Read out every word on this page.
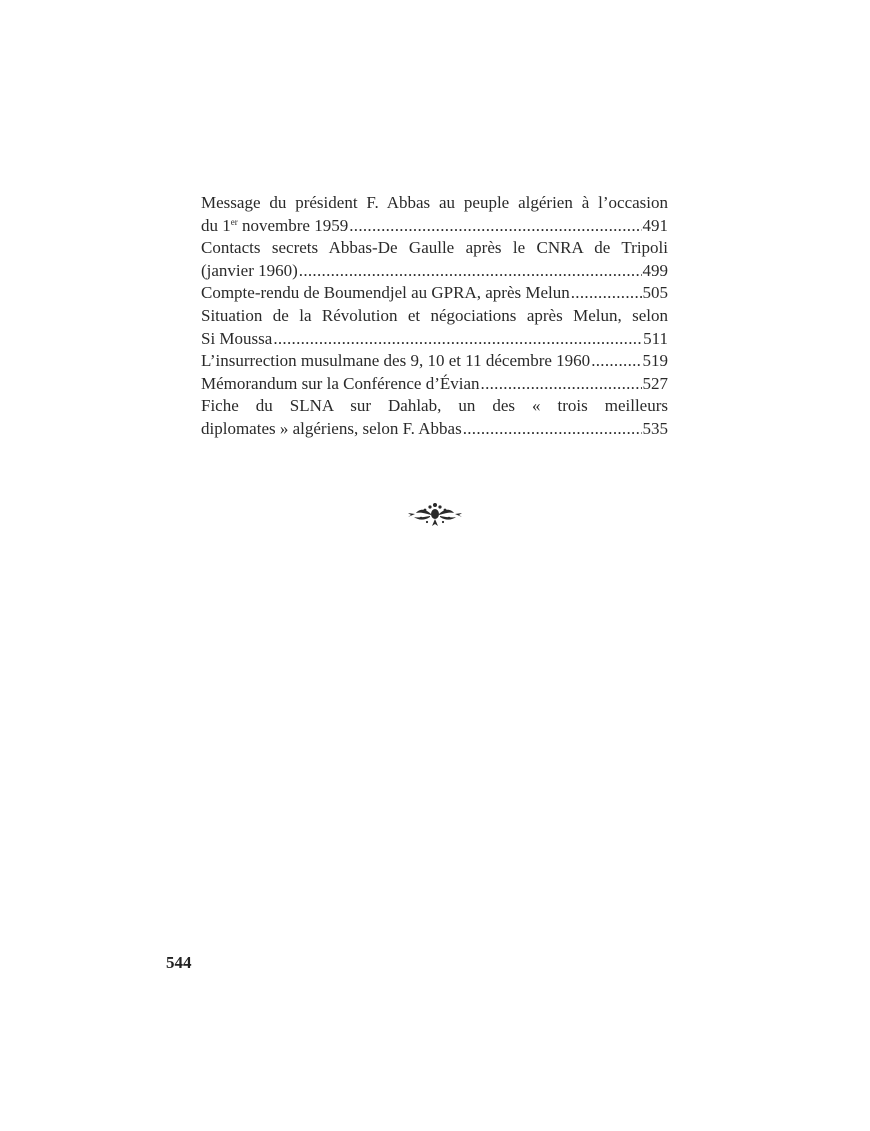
Message du président F. Abbas au peuple algérien à l’occasion
du 1er novembre 1959 .....	491
Contacts secrets Abbas-De Gaulle après le CNRA de Tripoli
(janvier 1960) .....	499
Compte-rendu de Boumendjel au GPRA, après Melun .....	505
Situation de la Révolution et négociations après Melun, selon
Si Moussa .....	511
L’insurrection musulmane des 9, 10 et 11 décembre 1960 .....	519
Mémorandum sur la Conférence d’Évian .....	527
Fiche du SLNA sur Dahlab, un des « trois meilleurs
diplomates » algériens, selon F. Abbas .....	535
544
